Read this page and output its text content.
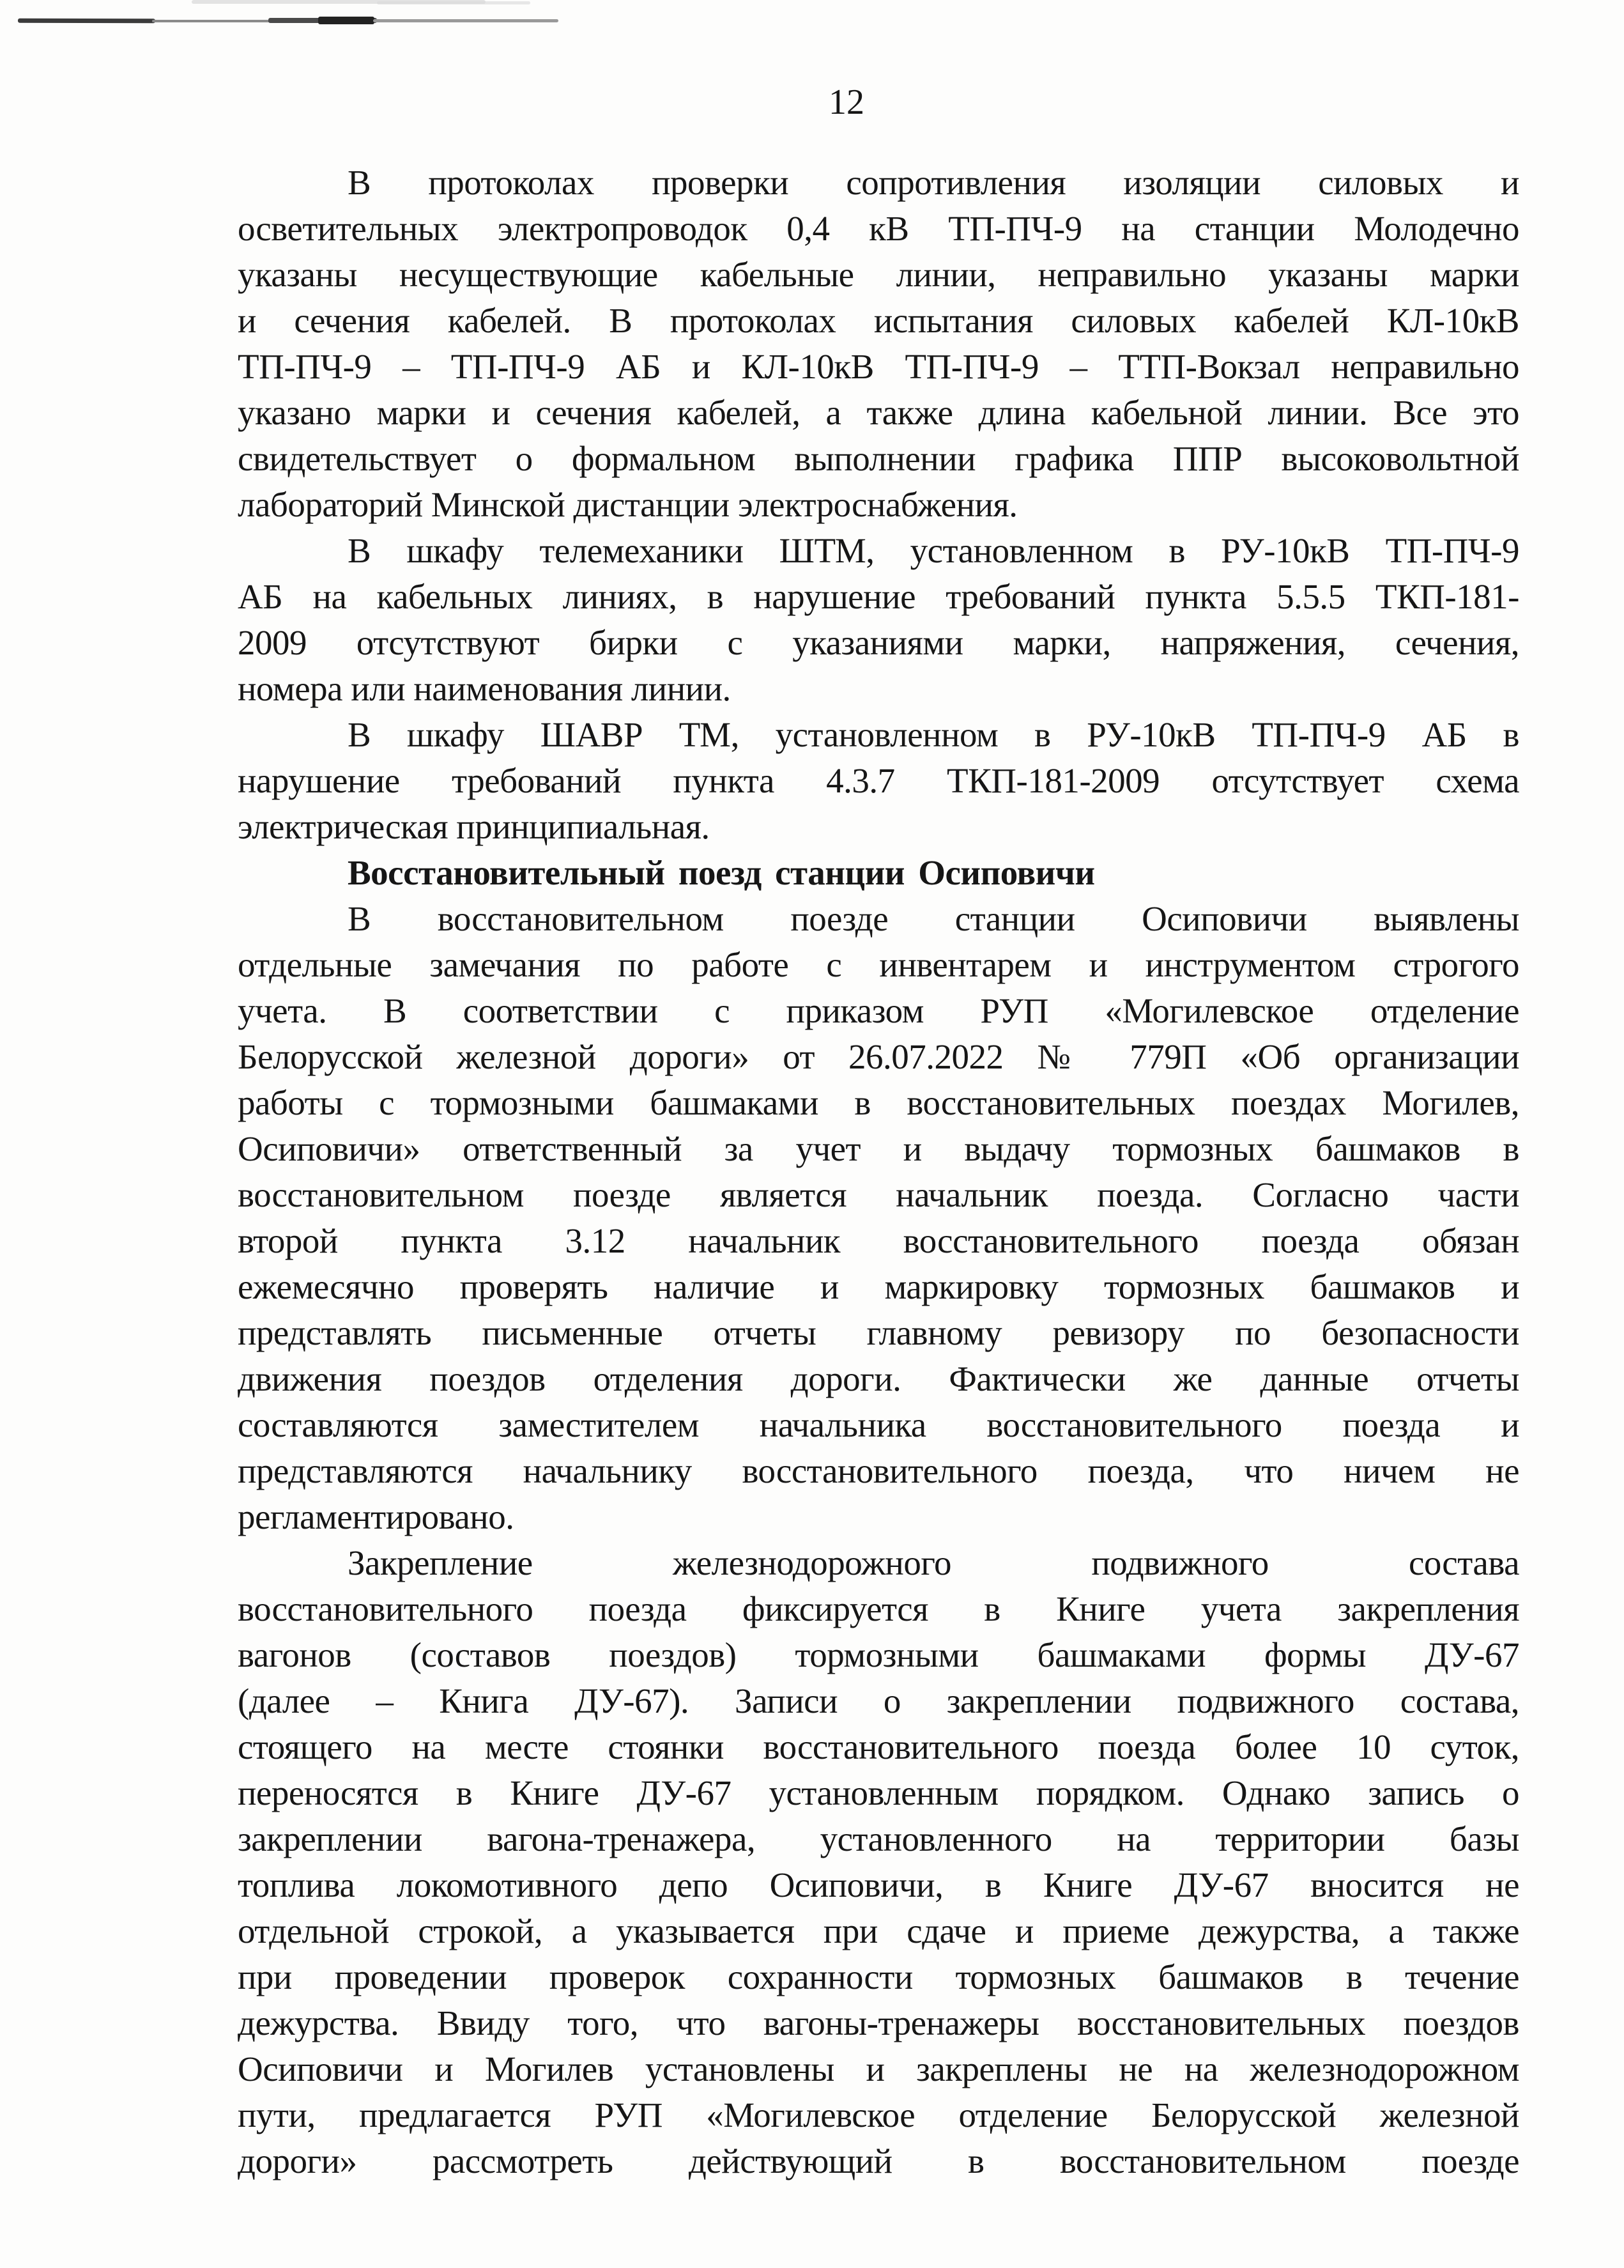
12
В протоколах проверки сопротивления изоляции силовых и
осветительных электропроводок 0,4 кВ ТП-ПЧ-9 на станции Молодечно
указаны несуществующие кабельные линии, неправильно указаны марки
и сечения кабелей. В протоколах испытания силовых кабелей КЛ-10кВ
ТП-ПЧ-9 – ТП-ПЧ-9 АБ и КЛ-10кВ ТП-ПЧ-9 – ТТП-Вокзал неправильно
указано марки и сечения кабелей, а также длина кабельной линии. Все это
свидетельствует о формальном выполнении графика ППР высоковольтной
лабораторий Минской дистанции электроснабжения.
В шкафу телемеханики ШТМ, установленном в РУ-10кВ ТП-ПЧ-9
АБ на кабельных линиях, в нарушение требований пункта 5.5.5 ТКП-181-
2009 отсутствуют бирки с указаниями марки, напряжения, сечения,
номера или наименования линии.
В шкафу ШАВР ТМ, установленном в РУ-10кВ ТП-ПЧ-9 АБ в
нарушение требований пункта 4.3.7 ТКП-181-2009 отсутствует схема
электрическая принципиальная.
Восстановительный поезд станции Осиповичи
В восстановительном поезде станции Осиповичи выявлены
отдельные замечания по работе с инвентарем и инструментом строгого
учета. В соответствии с приказом РУП «Могилевское отделение
Белорусской железной дороги» от 26.07.2022 № 779П «Об организации
работы с тормозными башмаками в восстановительных поездах Могилев,
Осиповичи» ответственный за учет и выдачу тормозных башмаков в
восстановительном поезде является начальник поезда. Согласно части
второй пункта 3.12 начальник восстановительного поезда обязан
ежемесячно проверять наличие и маркировку тормозных башмаков и
представлять письменные отчеты главному ревизору по безопасности
движения поездов отделения дороги. Фактически же данные отчеты
составляются заместителем начальника восстановительного поезда и
представляются начальнику восстановительного поезда, что ничем не
регламентировано.
Закрепление железнодорожного подвижного состава
восстановительного поезда фиксируется в Книге учета закрепления
вагонов (составов поездов) тормозными башмаками формы ДУ-67
(далее – Книга ДУ-67). Записи о закреплении подвижного состава,
стоящего на месте стоянки восстановительного поезда более 10 суток,
переносятся в Книге ДУ-67 установленным порядком. Однако запись о
закреплении вагона-тренажера, установленного на территории базы
топлива локомотивного депо Осиповичи, в Книге ДУ-67 вносится не
отдельной строкой, а указывается при сдаче и приеме дежурства, а также
при проведении проверок сохранности тормозных башмаков в течение
дежурства. Ввиду того, что вагоны-тренажеры восстановительных поездов
Осиповичи и Могилев установлены и закреплены не на железнодорожном
пути, предлагается РУП «Могилевское отделение Белорусской железной
дороги» рассмотреть действующий в восстановительном поезде
